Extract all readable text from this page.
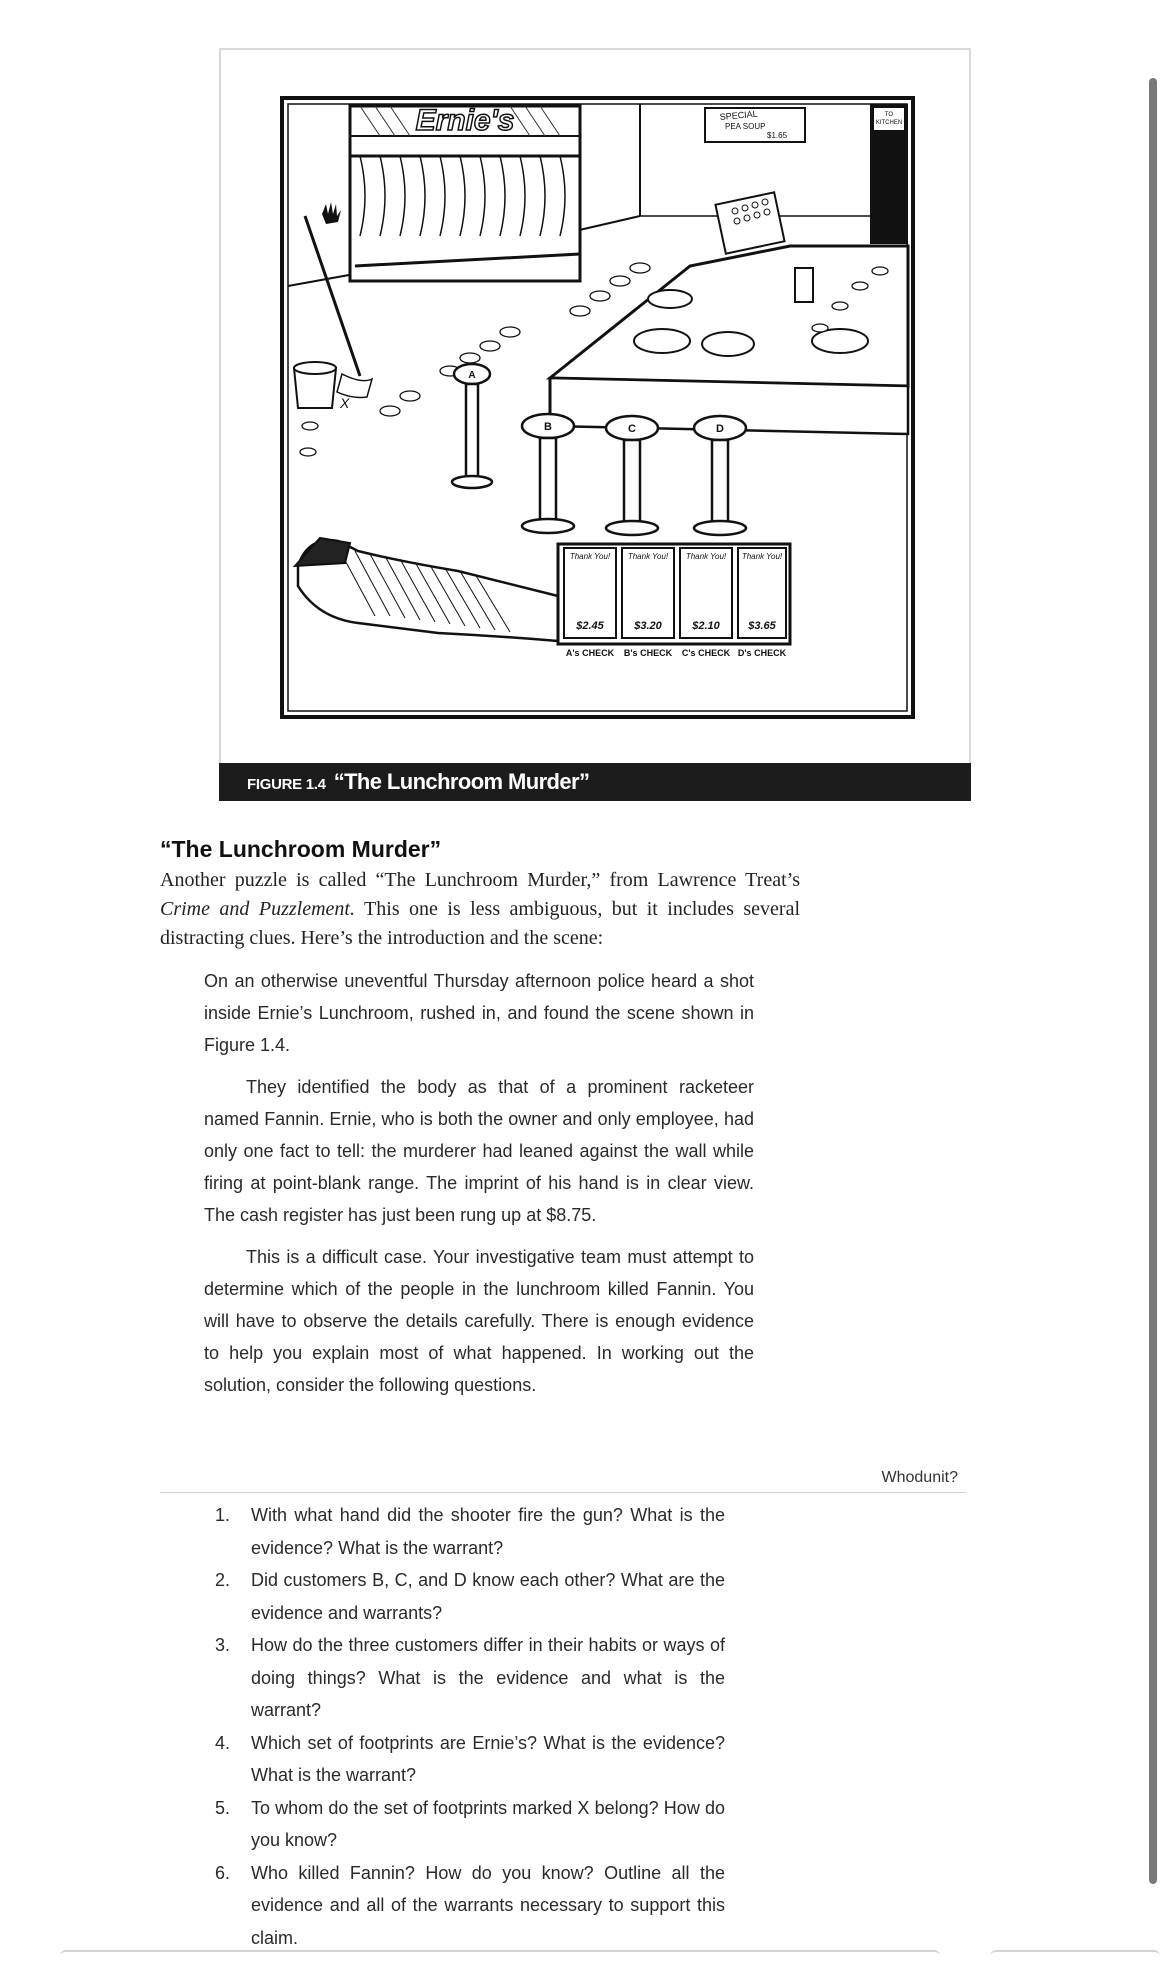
Ernie's	SPECIAL
PEA SOUP
$1.65
TO
KITCHEN
X
A
B	C	D
Thank You! Thank You! Thank You! Thank You!
$2.45	$3.20	$2.10	$3.65
A's CHECK B's CHECK C's CHECK D's CHECK
FIGURE 1.4 “The Lunchroom Murder”
“The Lunchroom Murder”
Another puzzle is called “The Lunchroom Murder,” from Lawrence Treat’s Crime and Puzzlement. This one is less ambiguous, but it includes several distracting clues. Here’s the introduction and the scene:

On an otherwise uneventful Thursday afternoon police heard a shot inside Ernie’s Lunchroom, rushed in, and found the scene shown in Figure 1.4.

They identified the body as that of a prominent racketeer named Fannin. Ernie, who is both the owner and only employee, had only one fact to tell: the murderer had leaned against the wall while firing at point-blank range. The imprint of his hand is in clear view. The cash register has just been rung up at $8.75.

This is a difficult case. Your investigative team must attempt to determine which of the people in the lunchroom killed Fannin. You will have to observe the details carefully. There is enough evidence to help you explain most of what happened. In working out the solution, consider the following questions.

Whodunit?
1. With what hand did the shooter fire the gun? What is the evidence? What is the warrant?
2. Did customers B, C, and D know each other? What are the evidence and warrants?
3. How do the three customers differ in their habits or ways of doing things? What is the evidence and what is the warrant?
4. Which set of footprints are Ernie’s? What is the evidence? What is the warrant?
5. To whom do the set of footprints marked X belong? How do you know?
6. Who killed Fannin? How do you know? Outline all the evidence and all of the warrants necessary to support this claim.
